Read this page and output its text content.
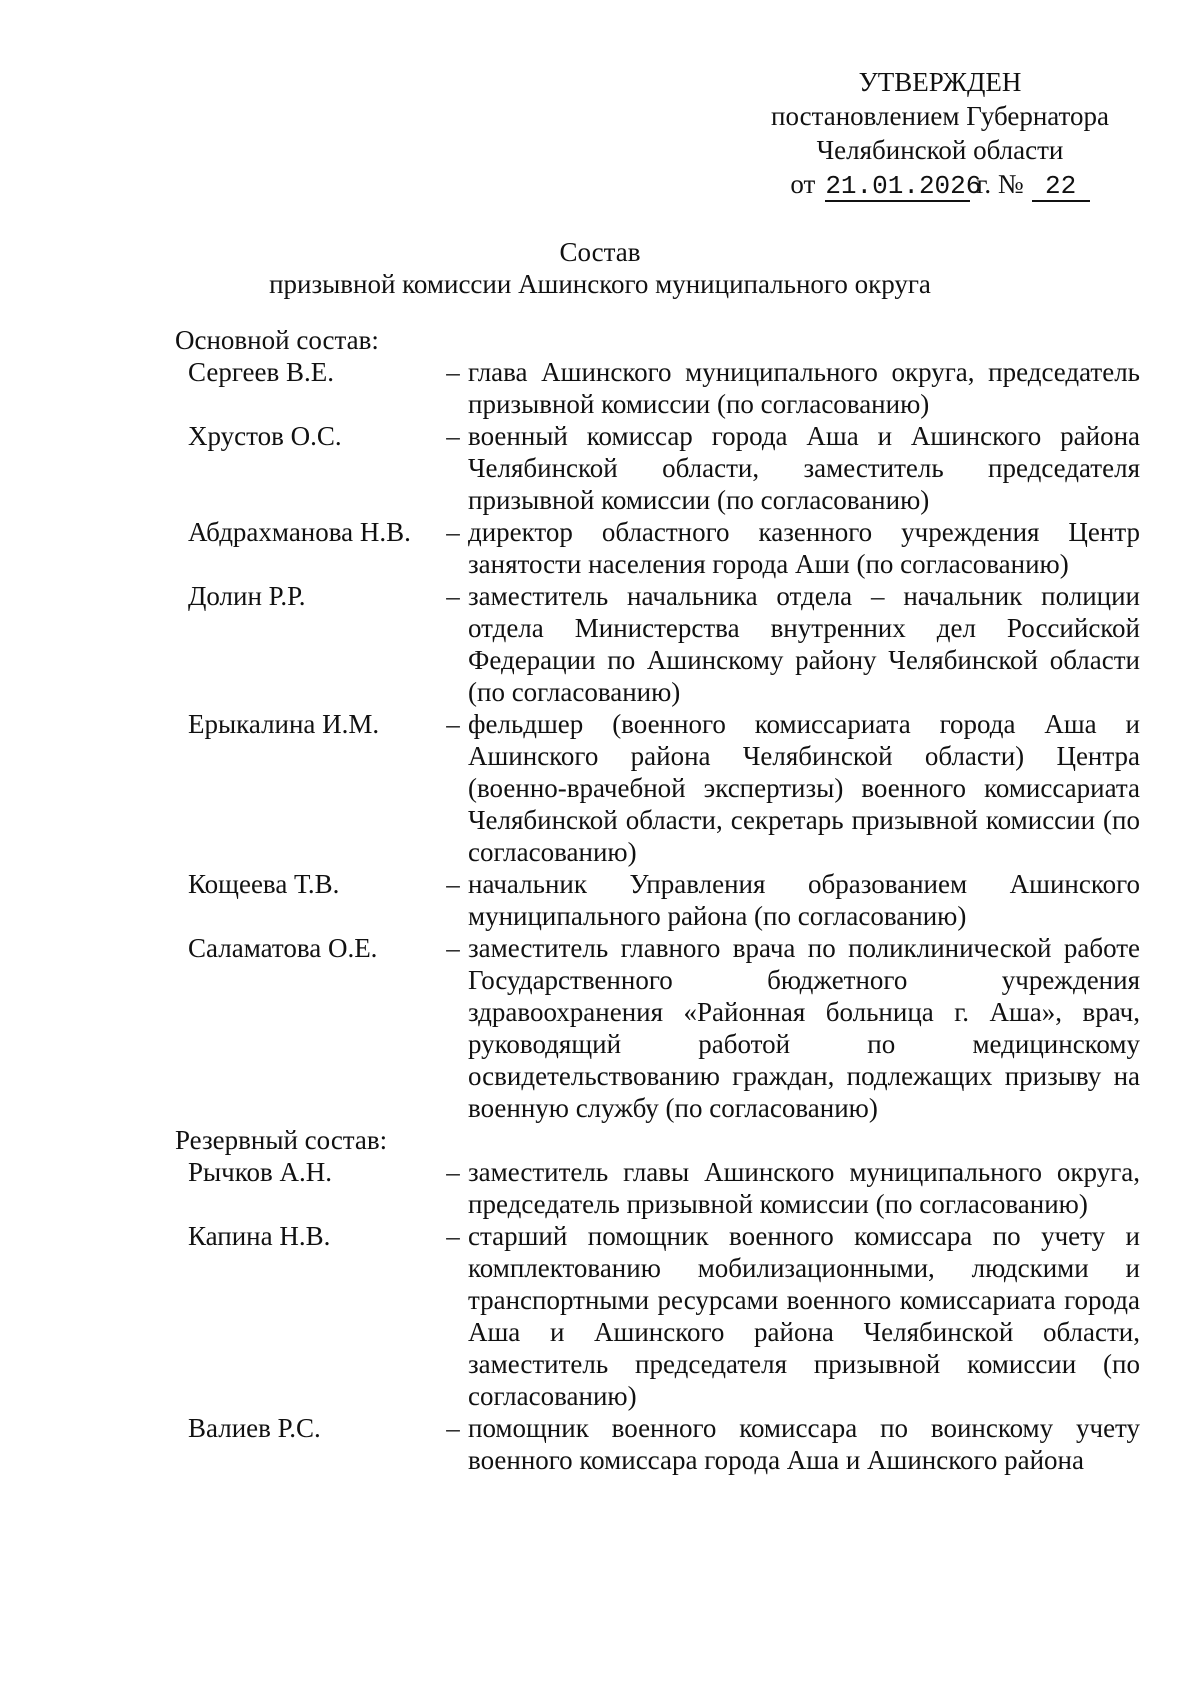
УТВЕРЖДЕН
постановлением Губернатора
Челябинской области
от 21.01.2026
г. № 22
Состав
призывной комиссии Ашинского муниципального округа
Основной состав:
Сергеев В.Е.	– глава Ашинского муниципального округа, председатель призывной комиссии (по согласованию)
Хрустов О.С.	– военный комиссар города Аша и Ашинского района Челябинской области, заместитель председателя призывной комиссии (по согласованию)
Абдрахманова Н.В.	– директор областного казенного учреждения Центр занятости населения города Аши (по согласованию)
Долин Р.Р.	– заместитель начальника отдела – начальник полиции отдела Министерства внутренних дел Российской Федерации по Ашинскому району Челябинской области (по согласованию)
Ерыкалина И.М.	– фельдшер (военного комиссариата города Аша и Ашинского района Челябинской области) Центра (военно-врачебной экспертизы) военного комиссариата Челябинской области, секретарь призывной комиссии (по согласованию)
Кощеева Т.В.	– начальник Управления образованием Ашинского муниципального района (по согласованию)
Саламатова О.Е.	– заместитель главного врача по поликлинической работе Государственного бюджетного учреждения здравоохранения «Районная больница г. Аша», врач, руководящий работой по медицинскому освидетельствованию граждан, подлежащих призыву на военную службу (по согласованию)
Резервный состав:
Рычков А.Н.	– заместитель главы Ашинского муниципального округа, председатель призывной комиссии (по согласованию)
Капина Н.В.	– старший помощник военного комиссара по учету и комплектованию мобилизационными, людскими и транспортными ресурсами военного комиссариата города Аша и Ашинского района Челябинской области, заместитель председателя призывной комиссии (по согласованию)
Валиев Р.С.	– помощник военного комиссара по воинскому учету военного комиссара города Аша и Ашинского района
